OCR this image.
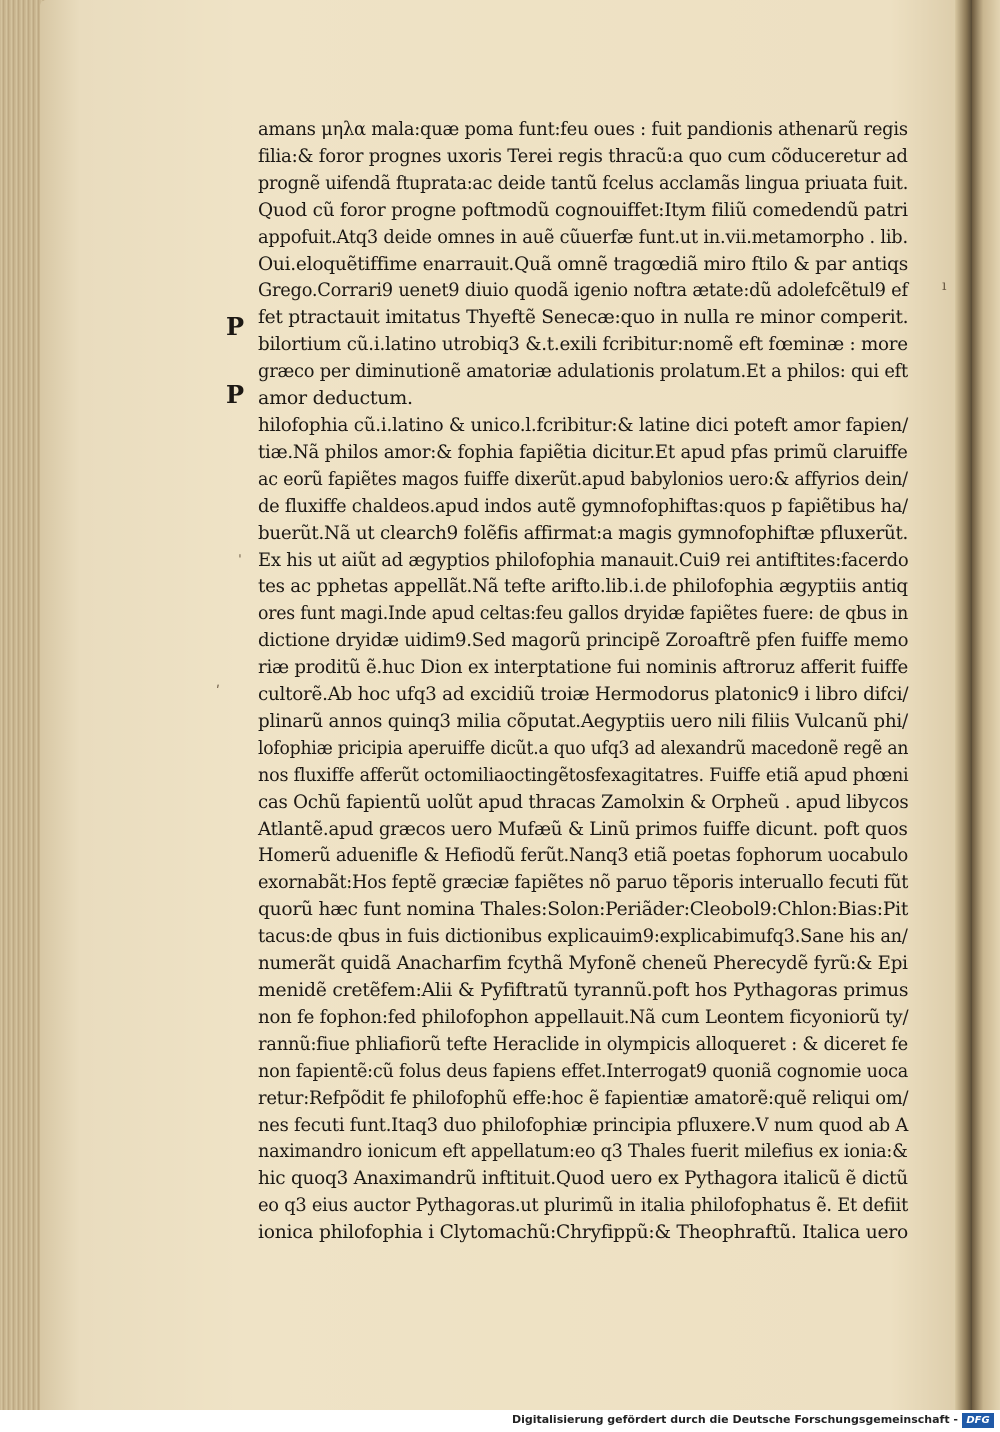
P
P
ı
ˌ
ʹ
amans μηλα mala:quæ poma funt:feu oues : fuit pandionis athenarũ regis
filia:& foror prognes uxoris Terei regis thracũ:a quo cum cõduceretur ad
prognẽ uifendã ftuprata:ac deide tantũ fcelus acclamãs lingua priuata fuit.
Quod cũ foror progne poftmodũ cognouiffet:Itym filiũ comedendũ patri
appofuit.Atq3 deide omnes in auẽ cũuerfæ funt.ut in.vii.metamorpho . lib.
Oui.eloquẽtiffime enarrauit.Quã omnẽ tragœdiã miro ftilo & par antiqs
Grego.Corrari9 uenet9 diuio quodã igenio noftra ætate:dũ adolefcẽtul9 ef
fet ptractauit imitatus Thyeftẽ Senecæ:quo in nulla re minor comperit.
bilortium cũ.i.latino utrobiq3 &.t.exili fcribitur:nomẽ eft fœminæ : more
græco per diminutionẽ amatoriæ adulationis prolatum.Et a philos: qui eft
amor deductum.
hilofophia cũ.i.latino & unico.l.fcribitur:& latine dici poteft amor fapien/
tiæ.Nã philos amor:& fophia fapiẽtia dicitur.Et apud pfas primũ claruiffe
ac eorũ fapiẽtes magos fuiffe dixerũt.apud babylonios uero:& affyrios dein/
de fluxiffe chaldeos.apud indos autẽ gymnofophiftas:quos p fapiẽtibus ha/
buerũt.Nã ut clearch9 folẽfis affirmat:a magis gymnofophiftæ pfluxerũt.
Ex his ut aiũt ad ægyptios philofophia manauit.Cui9 rei antiftites:facerdo
tes ac pphetas appellãt.Nã tefte arifto.lib.i.de philofophia ægyptiis antiq
ores funt magi.Inde apud celtas:feu gallos dryidæ fapiẽtes fuere: de qbus in
dictione dryidæ uidim9.Sed magorũ principẽ Zoroaftrẽ pfen fuiffe memo
riæ proditũ ẽ.huc Dion ex interptatione fui nominis aftroruz afferit fuiffe
cultorẽ.Ab hoc ufq3 ad excidiũ troiæ Hermodorus platonic9 i libro difci/
plinarũ annos quinq3 milia cõputat.Aegyptiis uero nili filiis Vulcanũ phi/
lofophiæ pricipia aperuiffe dicũt.a quo ufq3 ad alexandrũ macedonẽ regẽ an
nos fluxiffe afferũt octomiliaoctingẽtosfexagitatres. Fuiffe etiã apud phœni
cas Ochũ fapientũ uolũt apud thracas Zamolxin & Orpheũ . apud libycos
Atlantẽ.apud græcos uero Mufæũ & Linũ primos fuiffe dicunt. poft quos
Homerũ aduenifle & Hefiodũ ferũt.Nanq3 etiã poetas fophorum uocabulo
exornabãt:Hos feptẽ græciæ fapiẽtes nõ paruo tẽporis interuallo fecuti fũt
quorũ hæc funt nomina Thales:Solon:Periãder:Cleobol9:Chlon:Bias:Pit
tacus:de qbus in fuis dictionibus explicauim9:explicabimufq3.Sane his an/
numerãt quidã Anacharfim fcythã Myfonẽ cheneũ Pherecydẽ fyrũ:& Epi
menidẽ cretẽfem:Alii & Pyfiftratũ tyrannũ.poft hos Pythagoras primus
non fe fophon:fed philofophon appellauit.Nã cum Leontem ficyoniorũ ty/
rannũ:fiue phliafiorũ tefte Heraclide in olympicis alloqueret : & diceret fe
non fapientẽ:cũ folus deus fapiens effet.Interrogat9 quoniã cognomie uoca
retur:Refpõdit fe philofophũ effe:hoc ẽ fapientiæ amatorẽ:quẽ reliqui om/
nes fecuti funt.Itaq3 duo philofophiæ principia pfluxere.V num quod ab A
naximandro ionicum eft appellatum:eo q3 Thales fuerit milefius ex ionia:&
hic quoq3 Anaximandrũ inftituit.Quod uero ex Pythagora italicũ ẽ dictũ
eo q3 eius auctor Pythagoras.ut plurimũ in italia philofophatus ẽ. Et defiit
ionica philofophia i Clytomachũ:Chryfippũ:& Theophraftũ. Italica uero
Digitalisierung gefördert durch die Deutsche Forschungsgemeinschaft - DFG
